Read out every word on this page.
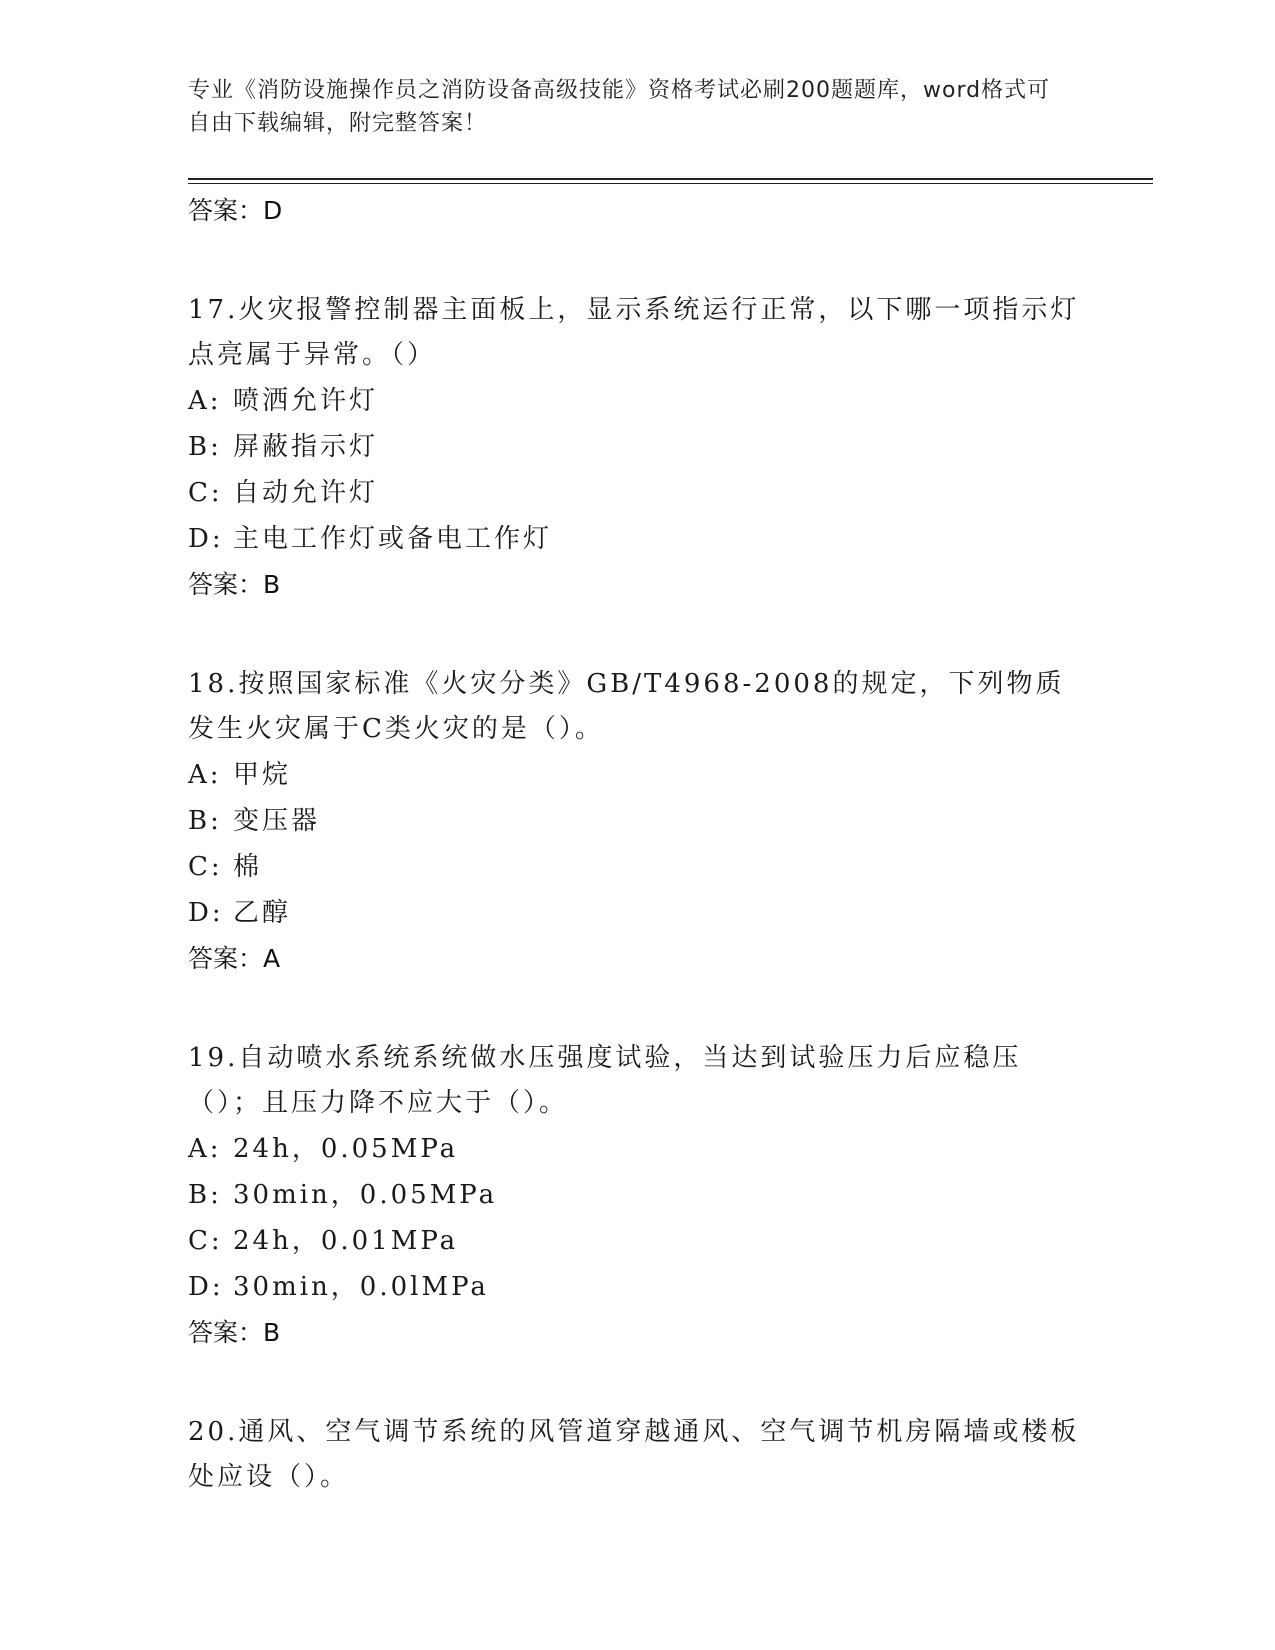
专业《消防设施操作员之消防设备高级技能》资格考试必刷200题题库，word格式可自由下载编辑，附完整答案！
答案：D
17.火灾报警控制器主面板上，显示系统运行正常，以下哪一项指示灯点亮属于异常。（）
A: 喷洒允许灯
B: 屏蔽指示灯
C: 自动允许灯
D: 主电工作灯或备电工作灯
答案：B
18.按照国家标准《火灾分类》GB/T4968-2008的规定，下列物质发生火灾属于C类火灾的是（）。
A: 甲烷
B: 变压器
C: 棉
D: 乙醇
答案：A
19.自动喷水系统系统做水压强度试验，当达到试验压力后应稳压（）；且压力降不应大于（）。
A: 24h，0.05MPa
B: 30min，0.05MPa
C: 24h，0.01MPa
D: 30min，0.0lMPa
答案：B
20.通风、空气调节系统的风管道穿越通风、空气调节机房隔墙或楼板处应设（）。
